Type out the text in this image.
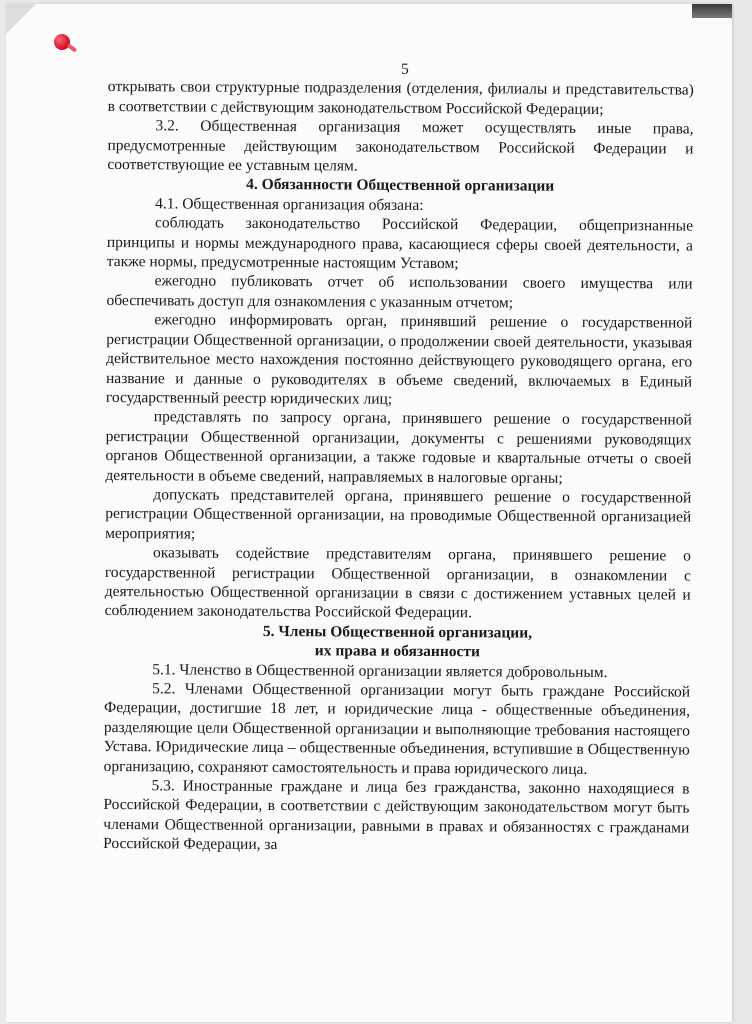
5

открывать свои структурные подразделения (отделения, филиалы и представительства) в соответствии с действующим законодательством Российской Федерации;

3.2. Общественная организация может осуществлять иные права, предусмотренные действующим законодательством Российской Федерации и соответствующие ее уставным целям.

4. Обязанности Общественной организации

4.1. Общественная организация обязана:

соблюдать законодательство Российской Федерации, общепризнанные принципы и нормы международного права, касающиеся сферы своей деятельности, а также нормы, предусмотренные настоящим Уставом;

ежегодно публиковать отчет об использовании своего имущества или обеспечивать доступ для ознакомления с указанным отчетом;

ежегодно информировать орган, принявший решение о государственной регистрации Общественной организации, о продолжении своей деятельности, указывая действительное место нахождения постоянно действующего руководящего органа, его название и данные о руководителях в объеме сведений, включаемых в Единый государственный реестр юридических лиц;

представлять по запросу органа, принявшего решение о государственной регистрации Общественной организации, документы с решениями руководящих органов Общественной организации, а также годовые и квартальные отчеты о своей деятельности в объеме сведений, направляемых в налоговые органы;

допускать представителей органа, принявшего решение о государственной регистрации Общественной организации, на проводимые Общественной организацией мероприятия;

оказывать содействие представителям органа, принявшего решение о государственной регистрации Общественной организации, в ознакомлении с деятельностью Общественной организации в связи с достижением уставных целей и соблюдением законодательства Российской Федерации.

5. Члены Общественной организации,

их права и обязанности

5.1. Членство в Общественной организации является добровольным.

5.2. Членами Общественной организации могут быть граждане Российской Федерации, достигшие 18 лет, и юридические лица - общественные объединения, разделяющие цели Общественной организации и выполняющие требования настоящего Устава. Юридические лица – общественные объединения, вступившие в Общественную организацию, сохраняют самостоятельность и права юридического лица.

5.3. Иностранные граждане и лица без гражданства, законно находящиеся в Российской Федерации, в соответствии с действующим законодательством могут быть членами Общественной организации, равными в правах и обязанностях с гражданами Российской Федерации, за
